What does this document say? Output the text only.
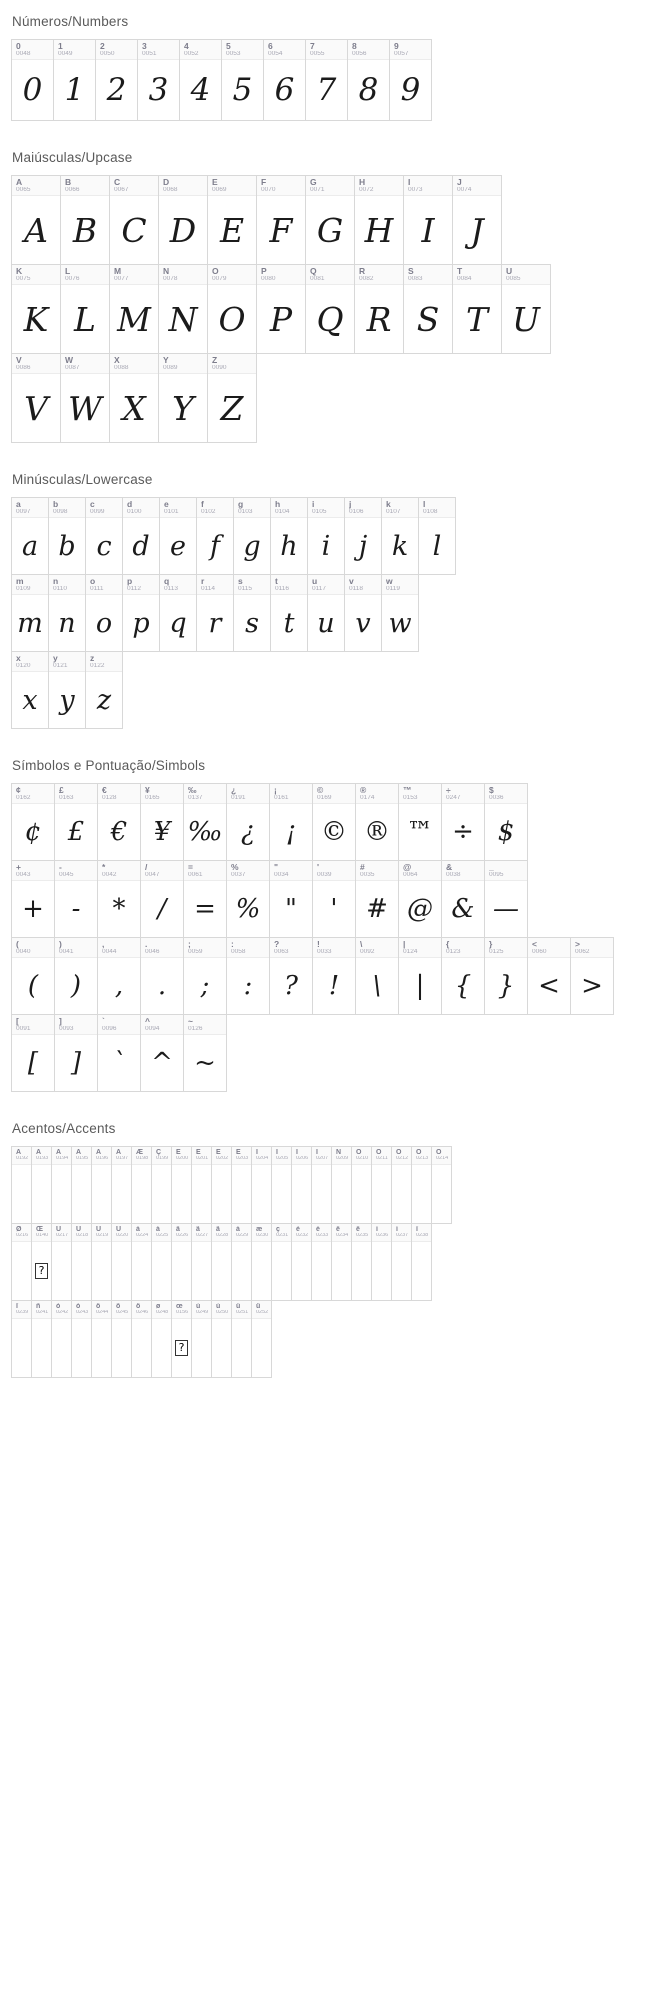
Números/Numbers
0
0048
0
1
0049
1
2
0050
2
3
0051
3
4
0052
4
5
0053
5
6
0054
6
7
0055
7
8
0056
8
9
0057
9
Maiúsculas/Upcase
A
0065
A
B
0066
B
C
0067
C
D
0068
D
E
0069
E
F
0070
F
G
0071
G
H
0072
H
I
0073
I
J
0074
J
K
0075
K
L
0076
L
M
0077
M
N
0078
N
O
0079
O
P
0080
P
Q
0081
Q
R
0082
R
S
0083
S
T
0084
T
U
0085
U
V
0086
V
W
0087
W
X
0088
X
Y
0089
Y
Z
0090
Z
Minúsculas/Lowercase
a
0097
a
b
0098
b
c
0099
c
d
0100
d
e
0101
e
f
0102
f
g
0103
g
h
0104
h
i
0105
i
j
0106
j
k
0107
k
l
0108
l
m
0109
m
n
0110
n
o
0111
o
p
0112
p
q
0113
q
r
0114
r
s
0115
s
t
0116
t
u
0117
u
v
0118
v
w
0119
w
x
0120
x
y
0121
y
z
0122
z
Símbolos e Pontuação/Simbols
¢
0162
¢
£
0163
£
€
0128
€
¥
0165
¥
‰
0137
‰
¿
0191
¿
¡
0161
¡
©
0169
©
®
0174
®
™
0153
™
÷
0247
÷
$
0036
$
+
0043
+
-
0045
-
*
0042
*
/
0047
/
=
0061
=
%
0037
%
"
0034
"
'
0039
'
#
0035
#
@
0064
@
&
0038
&
_
0095
—
(
0040
(
)
0041
)
,
0044
,
.
0046
.
;
0059
;
:
0058
:
?
0063
?
!
0033
!
\
0092
\
|
0124
|
{
0123
{
}
0125
}
<
0060
<
>
0062
>
[
0091
[
]
0093
]
`
0096
`
^
0094
^
~
0126
~
Acentos/Accents
À
0192
Á
0193
Â
0194
Ã
0195
Ä
0196
Å
0197
Æ
0198
Ç
0199
È
0200
É
0201
Ê
0202
Ë
0203
Ì
0204
Í
0205
Î
0206
Ï
0207
Ñ
0209
Ò
0210
Ó
0211
Ô
0212
Õ
0213
Ö
0214
Ø
0216
Œ
0140
?
Ù
0217
Ú
0218
Û
0219
Ü
0220
à
0224
á
0225
â
0226
ã
0227
ä
0228
å
0229
æ
0230
ç
0231
è
0232
é
0233
ê
0234
ë
0235
ì
0236
í
0237
î
0238
ï
0239
ñ
0241
ò
0242
ó
0243
ô
0244
õ
0245
ö
0246
ø
0248
œ
0156
?
ù
0249
ú
0250
û
0251
ü
0252
